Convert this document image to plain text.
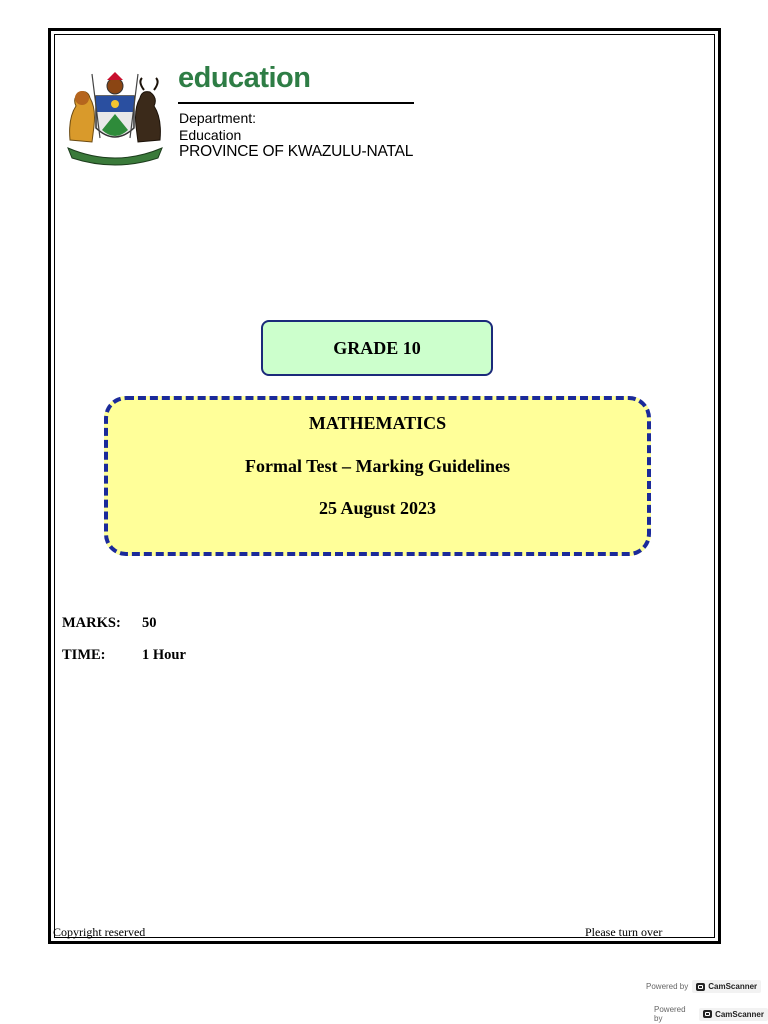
education
Department:
Education
PROVINCE OF KWAZULU-NATAL
GRADE 10
MATHEMATICS
Formal Test – Marking Guidelines
25 August 2023
MARKS: 50
TIME:	1 Hour
Copyright reserved	Please turn over
Powered by	CamScanner
Powered by	CamScanner
